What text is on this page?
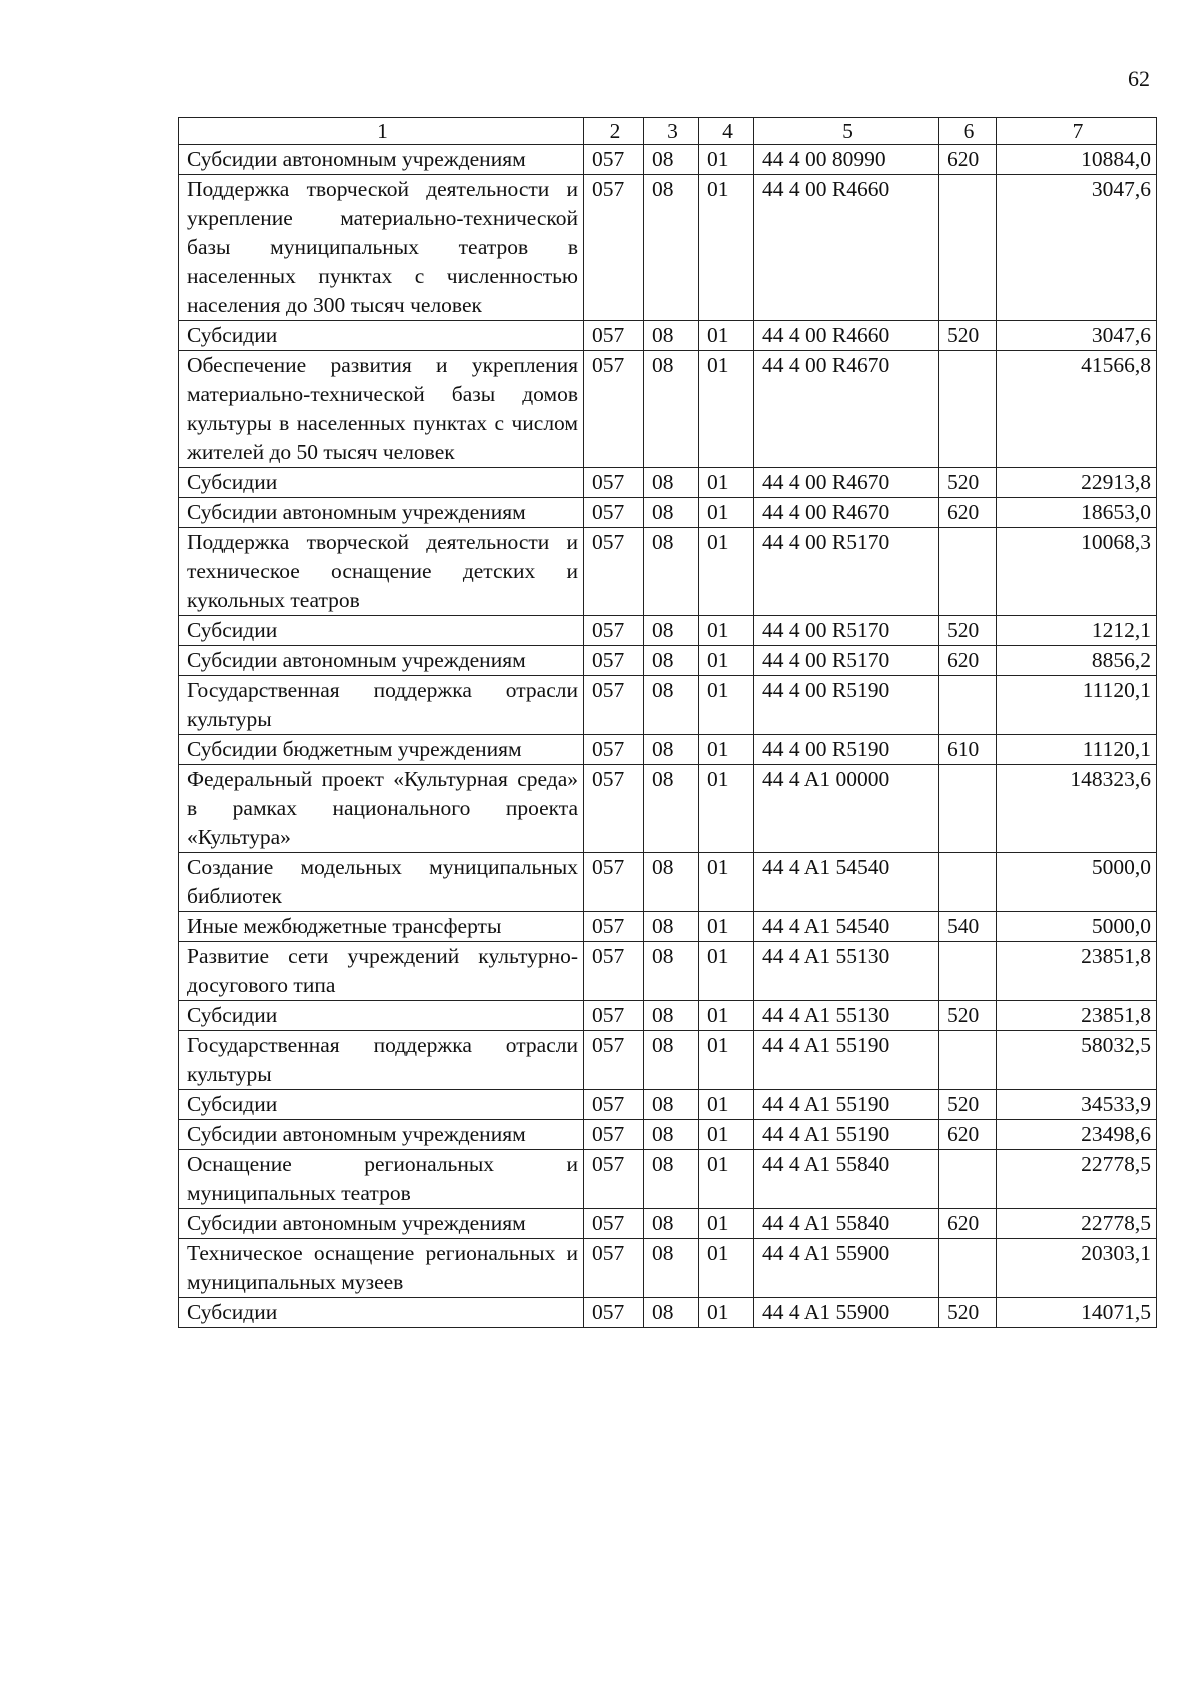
62
1	2	3	4	5	6	7
Субсидии автономным учреждениям	057	08	01	44 4 00 80990	620	10884,0
Поддержка творческой деятельности и укрепление материально-технической базы муниципальных театров в населенных пунктах с численностью населения до 300 тысяч человек	057	08	01	44 4 00 R4660		3047,6
Субсидии	057	08	01	44 4 00 R4660	520	3047,6
Обеспечение развития и укрепления материально-технической базы домов культуры в населенных пунктах с числом жителей до 50 тысяч человек	057	08	01	44 4 00 R4670		41566,8
Субсидии	057	08	01	44 4 00 R4670	520	22913,8
Субсидии автономным учреждениям	057	08	01	44 4 00 R4670	620	18653,0
Поддержка творческой деятельности и техническое оснащение детских и кукольных театров	057	08	01	44 4 00 R5170		10068,3
Субсидии	057	08	01	44 4 00 R5170	520	1212,1
Субсидии автономным учреждениям	057	08	01	44 4 00 R5170	620	8856,2
Государственная поддержка отрасли культуры	057	08	01	44 4 00 R5190		11120,1
Субсидии бюджетным учреждениям	057	08	01	44 4 00 R5190	610	11120,1
Федеральный проект «Культурная среда» в рамках национального проекта «Культура»	057	08	01	44 4 A1 00000		148323,6
Создание модельных муниципальных библиотек	057	08	01	44 4 A1 54540		5000,0
Иные межбюджетные трансферты	057	08	01	44 4 A1 54540	540	5000,0
Развитие сети учреждений культурно-досугового типа	057	08	01	44 4 A1 55130		23851,8
Субсидии	057	08	01	44 4 A1 55130	520	23851,8
Государственная поддержка отрасли культуры	057	08	01	44 4 A1 55190		58032,5
Субсидии	057	08	01	44 4 A1 55190	520	34533,9
Субсидии автономным учреждениям	057	08	01	44 4 A1 55190	620	23498,6
Оснащение региональных и муниципальных театров	057	08	01	44 4 A1 55840		22778,5
Субсидии автономным учреждениям	057	08	01	44 4 A1 55840	620	22778,5
Техническое оснащение региональных и муниципальных музеев	057	08	01	44 4 A1 55900		20303,1
Субсидии	057	08	01	44 4 A1 55900	520	14071,5
